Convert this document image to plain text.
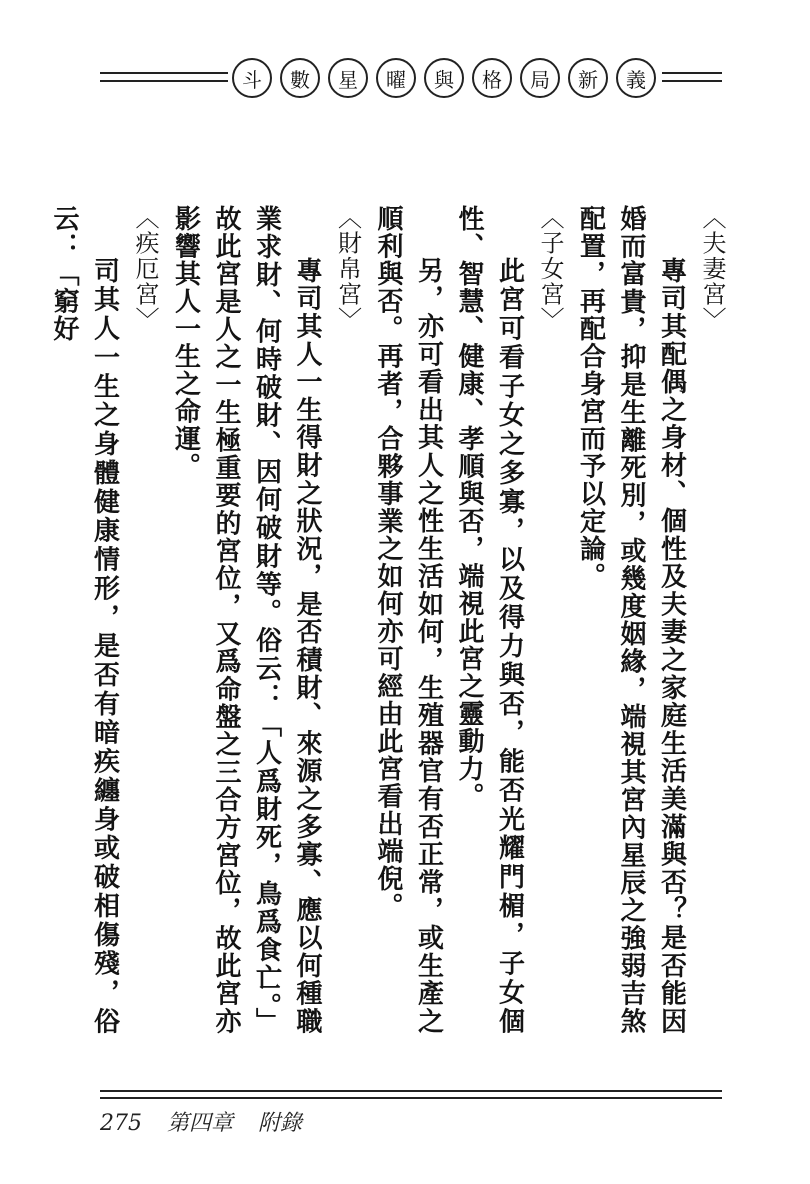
斗	數	星	曜	與	格	局	新	義

〈夫妻宮〉

專司其配偶之身材、個性及夫妻之家庭生活美滿與否？是否能因婚而富貴，抑是生離死別，或幾度姻緣，端視其宮內星辰之強弱吉煞配置，再配合身宮而予以定論。

〈子女宮〉

此宮可看子女之多寡，以及得力與否，能否光耀門楣，子女個性、智慧、健康、孝順與否，端視此宮之靈動力。

另，亦可看出其人之性生活如何，生殖器官有否正常，或生產之順利與否。再者，合夥事業之如何亦可經由此宮看出端倪。

〈財帛宮〉

專司其人一生得財之狀況，是否積財、來源之多寡、應以何種職業求財、何時破財、因何破財等。俗云：「人爲財死，鳥爲食亡。」故此宮是人之一生極重要的宮位，又爲命盤之三合方宮位，故此宮亦影響其人一生之命運。

〈疾厄宮〉

司其人一生之身體健康情形，是否有暗疾纏身或破相傷殘，俗云：「窮好

275 第四章 附錄
